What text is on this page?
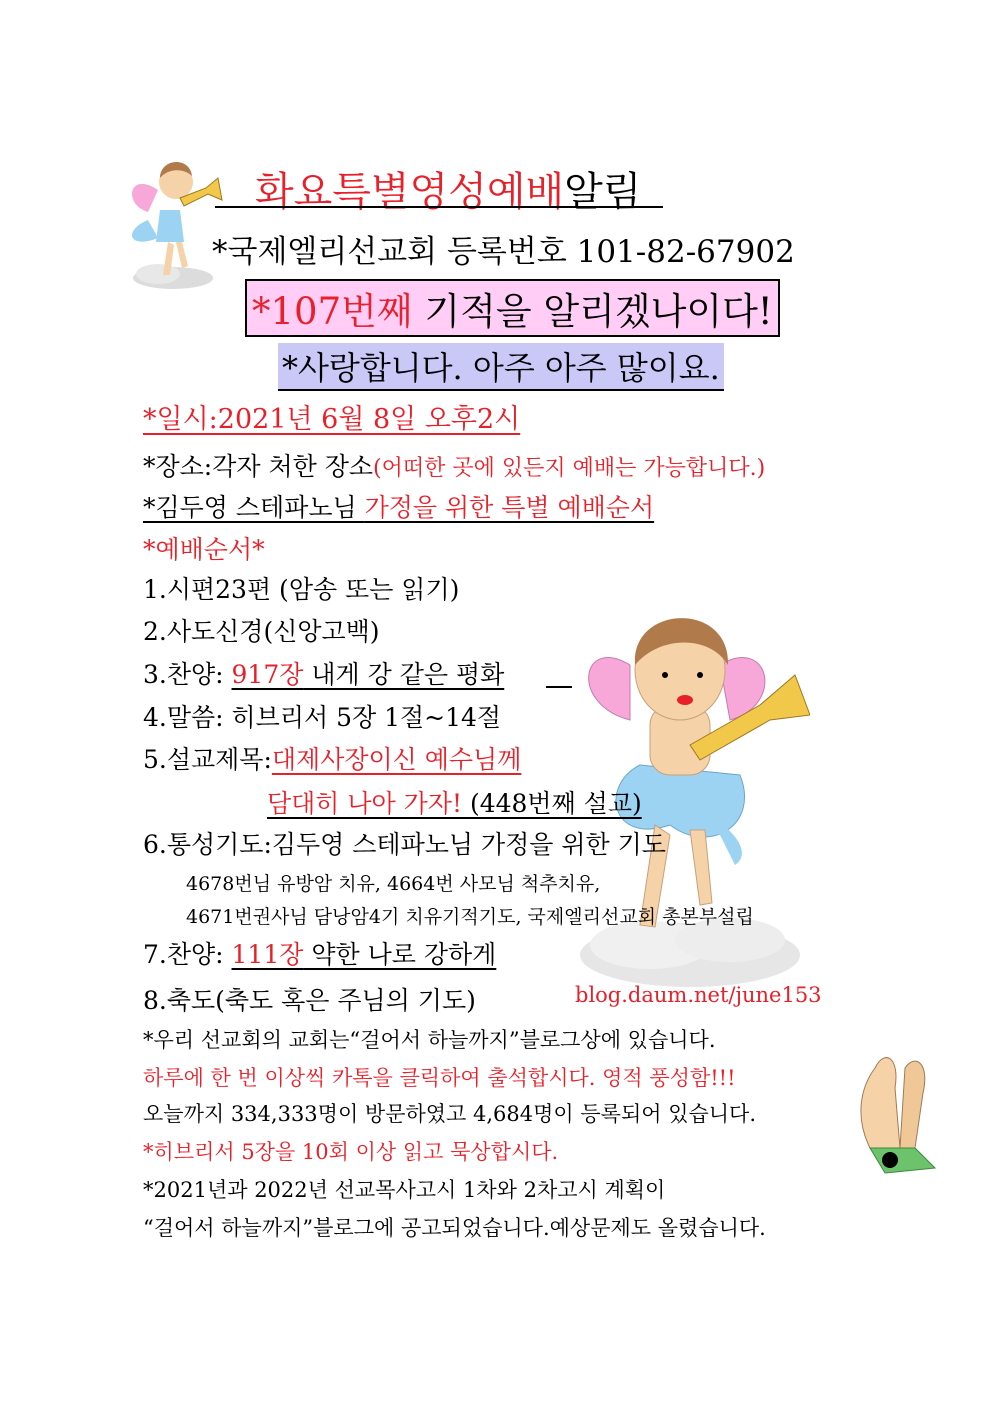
화요특별영성예배알림
*국제엘리선교회 등록번호 101-82-67902
*107번째 기적을 알리겠나이다!
*사랑합니다. 아주 아주 많이요.
*일시:2021년 6월 8일 오후2시
*장소:각자 처한 장소(어떠한 곳에 있든지 예배는 가능합니다.)
*김두영 스테파노님 가정을 위한 특별 예배순서
*예배순서*
1.시편23편 (암송 또는 읽기)
2.사도신경(신앙고백)
3.찬양: 917장 내게 강 같은 평화
4.말씀: 히브리서 5장 1절~14절
5.설교제목:대제사장이신 예수님께
담대히 나아 가자! (448번째 설교)
6.통성기도:김두영 스테파노님 가정을 위한 기도
4678번님 유방암 치유, 4664번 사모님 척추치유,
4671번권사님 담낭암4기 치유기적기도, 국제엘리선교회 총본부설립
7.찬양: 111장 약한 나로 강하게
8.축도(축도 혹은 주님의 기도)	blog.daum.net/june153
*우리 선교회의 교회는“걸어서 하늘까지”블로그상에 있습니다.
하루에 한 번 이상씩 카톡을 클릭하여 출석합시다. 영적 풍성함!!!
오늘까지 334,333명이 방문하였고 4,684명이 등록되어 있습니다.
*히브리서 5장을 10회 이상 읽고 묵상합시다.
*2021년과 2022년 선교목사고시 1차와 2차고시 계획이
“걸어서 하늘까지”블로그에 공고되었습니다.예상문제도 올렸습니다.
